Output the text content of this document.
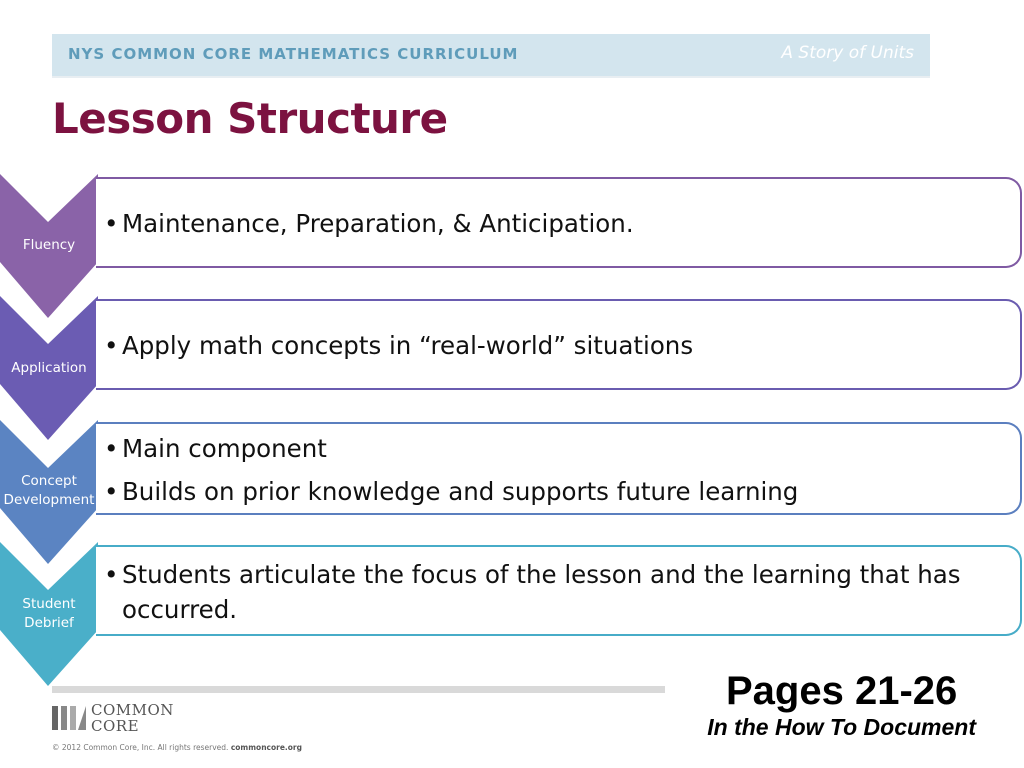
NYS COMMON CORE MATHEMATICS CURRICULUM	A Story of Units
Lesson Structure
Fluency
Application
Concept
Development
Student
Debrief
• Maintenance, Preparation, & Anticipation.
• Apply math concepts in “real-world” situations
• Main component
• Builds on prior knowledge and supports future learning
• Students articulate the focus of the lesson and the learning that has occurred.
COMMON
CORE
© 2012 Common Core, Inc. All rights reserved. commoncore.org
Pages 21-26
In the How To Document
